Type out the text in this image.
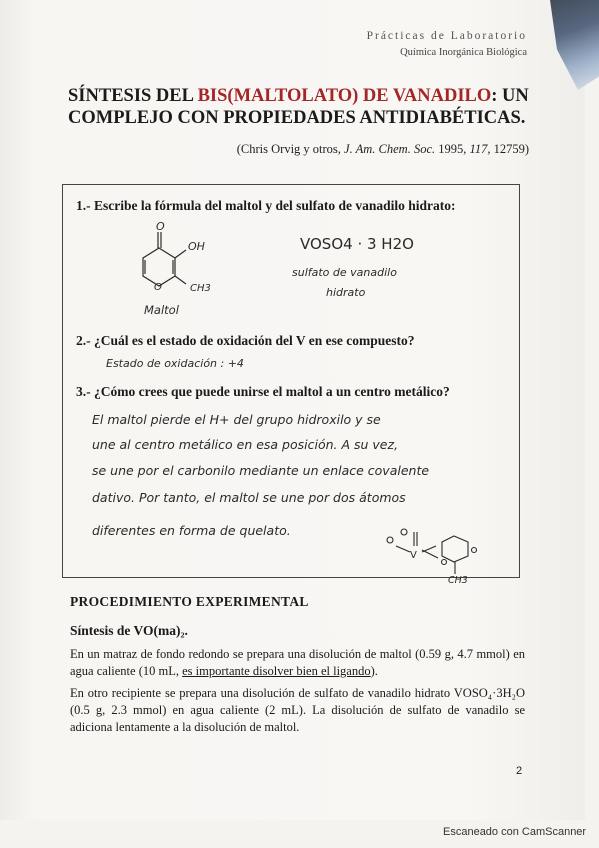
Prácticas de Laboratorio
Química Inorgánica Biológica
SÍNTESIS DEL BIS(MALTOLATO) DE VANADILO: UN COMPLEJO CON PROPIEDADES ANTIDIABÉTICAS.
(Chris Orvig y otros, J. Am. Chem. Soc. 1995, 117, 12759)
1.- Escribe la fórmula del maltol y del sulfato de vanadilo hidrato:
O
OH
O	CH3
Maltol
VOSO4 · 3 H2O
sulfato de vanadilo
hidrato
2.- ¿Cuál es el estado de oxidación del V en ese compuesto?
Estado de oxidación : +4
3.- ¿Cómo crees que puede unirse el maltol a un centro metálico?
El maltol pierde el H+ del grupo hidroxilo y se
une al centro metálico en esa posición. A su vez,
se une por el carbonilo mediante un enlace covalente
dativo. Por tanto, el maltol se une por dos átomos
diferentes en forma de quelato.
V
CH3
PROCEDIMIENTO EXPERIMENTAL
Síntesis de VO(ma)₂.
En un matraz de fondo redondo se prepara una disolución de maltol (0.59 g, 4.7 mmol) en agua caliente (10 mL, es importante disolver bien el ligando).
En otro recipiente se prepara una disolución de sulfato de vanadilo hidrato VOSO₄·3H₂O (0.5 g, 2.3 mmol) en agua caliente (2 mL). La disolución de sulfato de vanadilo se adiciona lentamente a la disolución de maltol.
2
Escaneado con CamScanner
